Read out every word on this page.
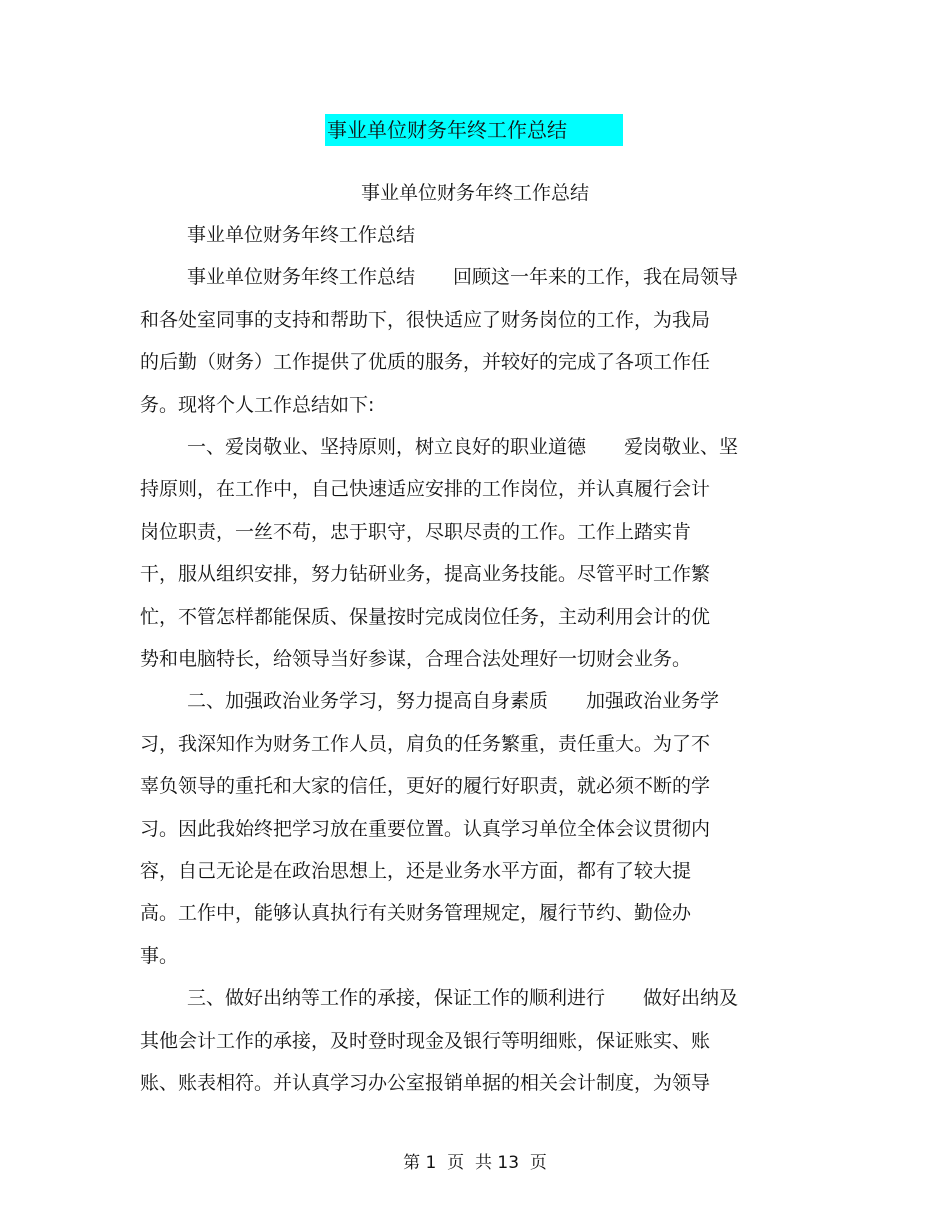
事业单位财务年终工作总结
事业单位财务年终工作总结
事业单位财务年终工作总结
事业单位财务年终工作总结　　回顾这一年来的工作，我在局领导
和各处室同事的支持和帮助下，很快适应了财务岗位的工作，为我局
的后勤（财务）工作提供了优质的服务，并较好的完成了各项工作任
务。现将个人工作总结如下:
一、爱岗敬业、坚持原则，树立良好的职业道德　　爱岗敬业、坚
持原则，在工作中，自己快速适应安排的工作岗位，并认真履行会计
岗位职责，一丝不苟，忠于职守，尽职尽责的工作。工作上踏实肯
干，服从组织安排，努力钻研业务，提高业务技能。尽管平时工作繁
忙，不管怎样都能保质、保量按时完成岗位任务，主动利用会计的优
势和电脑特长，给领导当好参谋，合理合法处理好一切财会业务。
二、加强政治业务学习，努力提高自身素质　　加强政治业务学
习，我深知作为财务工作人员，肩负的任务繁重，责任重大。为了不
辜负领导的重托和大家的信任，更好的履行好职责，就必须不断的学
习。因此我始终把学习放在重要位置。认真学习单位全体会议贯彻内
容，自己无论是在政治思想上，还是业务水平方面，都有了较大提
高。工作中，能够认真执行有关财务管理规定，履行节约、勤俭办
事。
三、做好出纳等工作的承接，保证工作的顺利进行　　做好出纳及
其他会计工作的承接，及时登时现金及银行等明细账，保证账实、账
账、账表相符。并认真学习办公室报销单据的相关会计制度，为领导
第 1  页  共 13  页
